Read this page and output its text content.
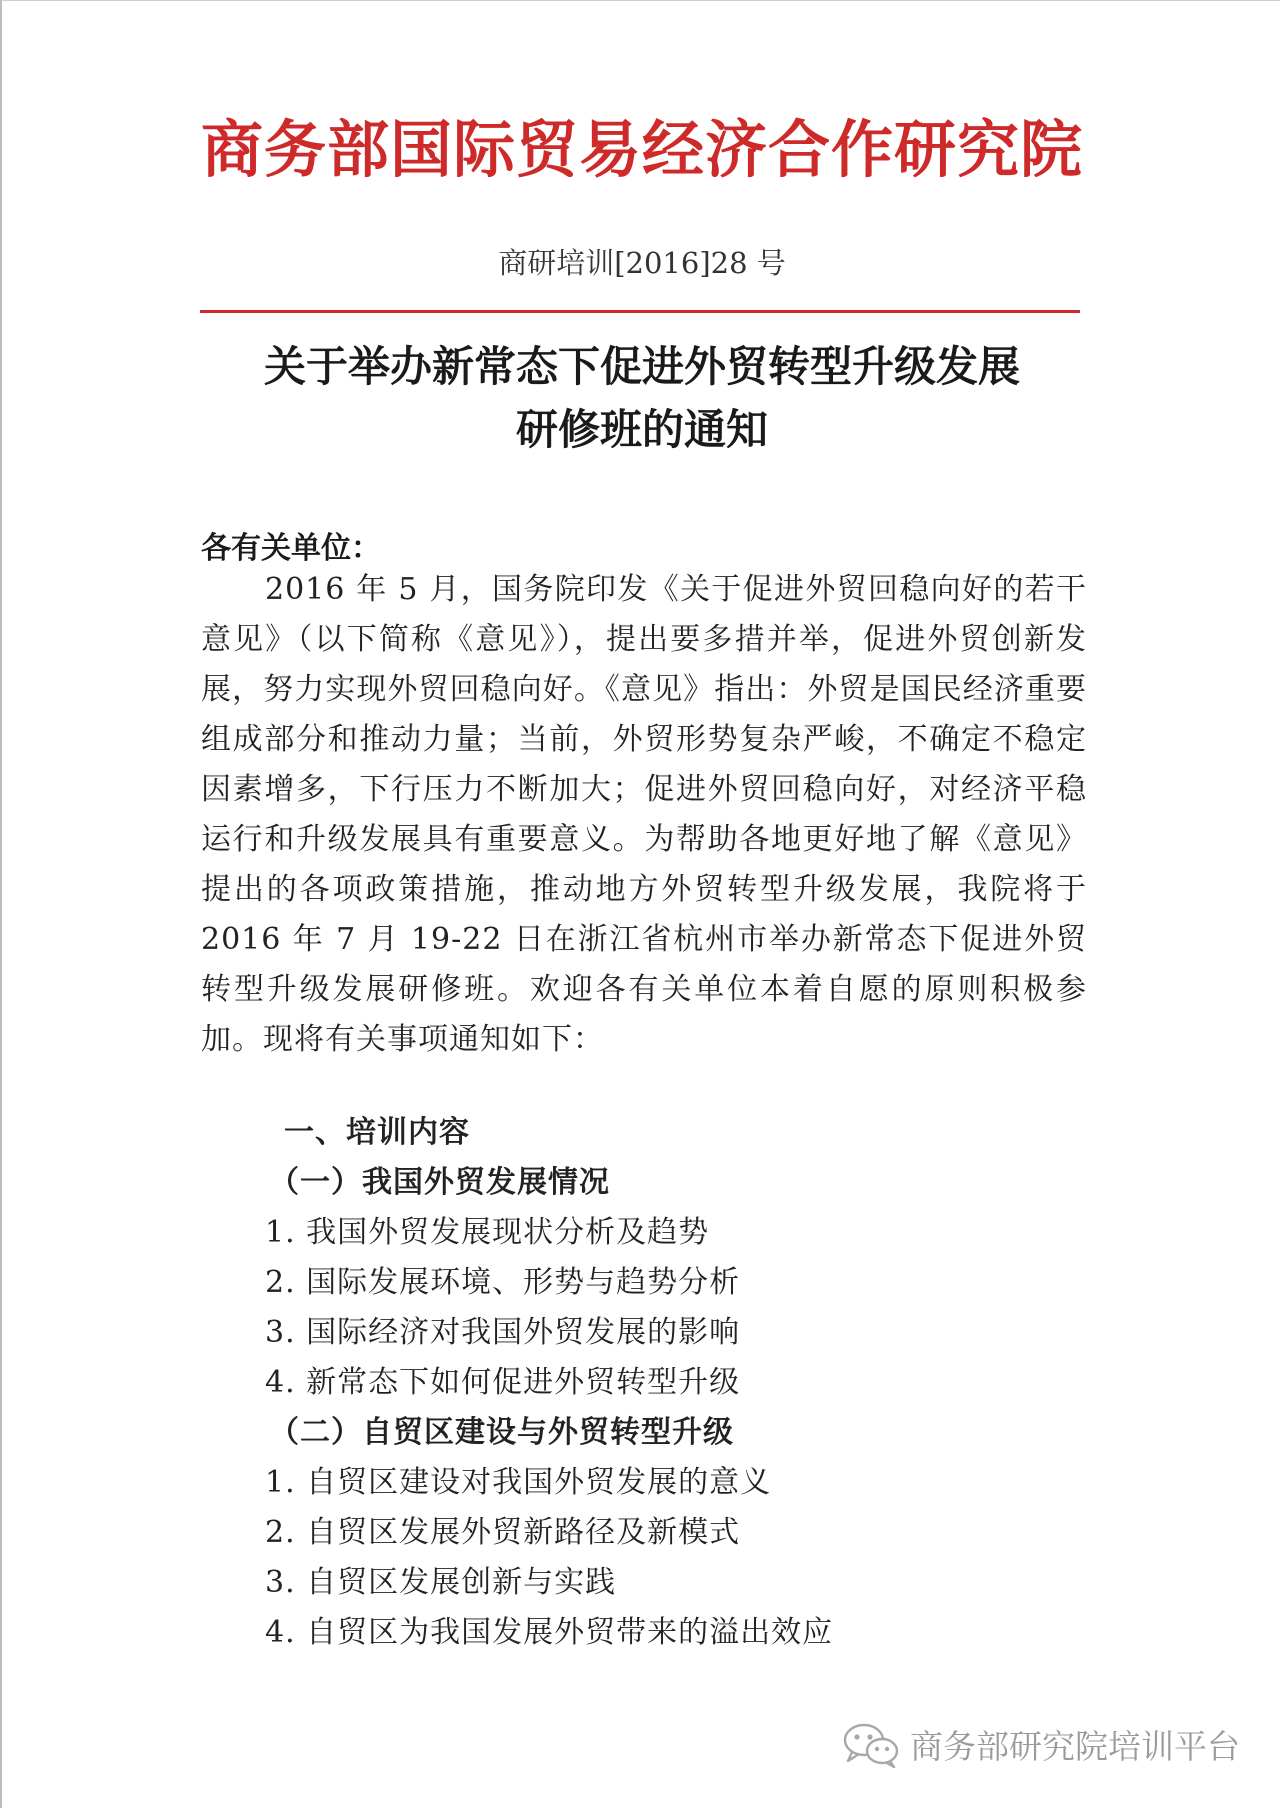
商务部国际贸易经济合作研究院
商研培训[2016]28 号
关于举办新常态下促进外贸转型升级发展
研修班的通知
各有关单位：
2016 年 5 月，国务院印发《关于促进外贸回稳向好的若干意见》（以下简称《意见》），提出要多措并举，促进外贸创新发展，努力实现外贸回稳向好。《意见》指出：外贸是国民经济重要组成部分和推动力量；当前，外贸形势复杂严峻，不确定不稳定因素增多，下行压力不断加大；促进外贸回稳向好，对经济平稳运行和升级发展具有重要意义。为帮助各地更好地了解《意见》提出的各项政策措施，推动地方外贸转型升级发展，我院将于 2016 年 7 月 19-22 日在浙江省杭州市举办新常态下促进外贸转型升级发展研修班。欢迎各有关单位本着自愿的原则积极参加。现将有关事项通知如下：
一、培训内容
（一）我国外贸发展情况
1. 我国外贸发展现状分析及趋势
2. 国际发展环境、形势与趋势分析
3. 国际经济对我国外贸发展的影响
4. 新常态下如何促进外贸转型升级
（二）自贸区建设与外贸转型升级
1. 自贸区建设对我国外贸发展的意义
2. 自贸区发展外贸新路径及新模式
3. 自贸区发展创新与实践
4. 自贸区为我国发展外贸带来的溢出效应
商务部研究院培训平台
